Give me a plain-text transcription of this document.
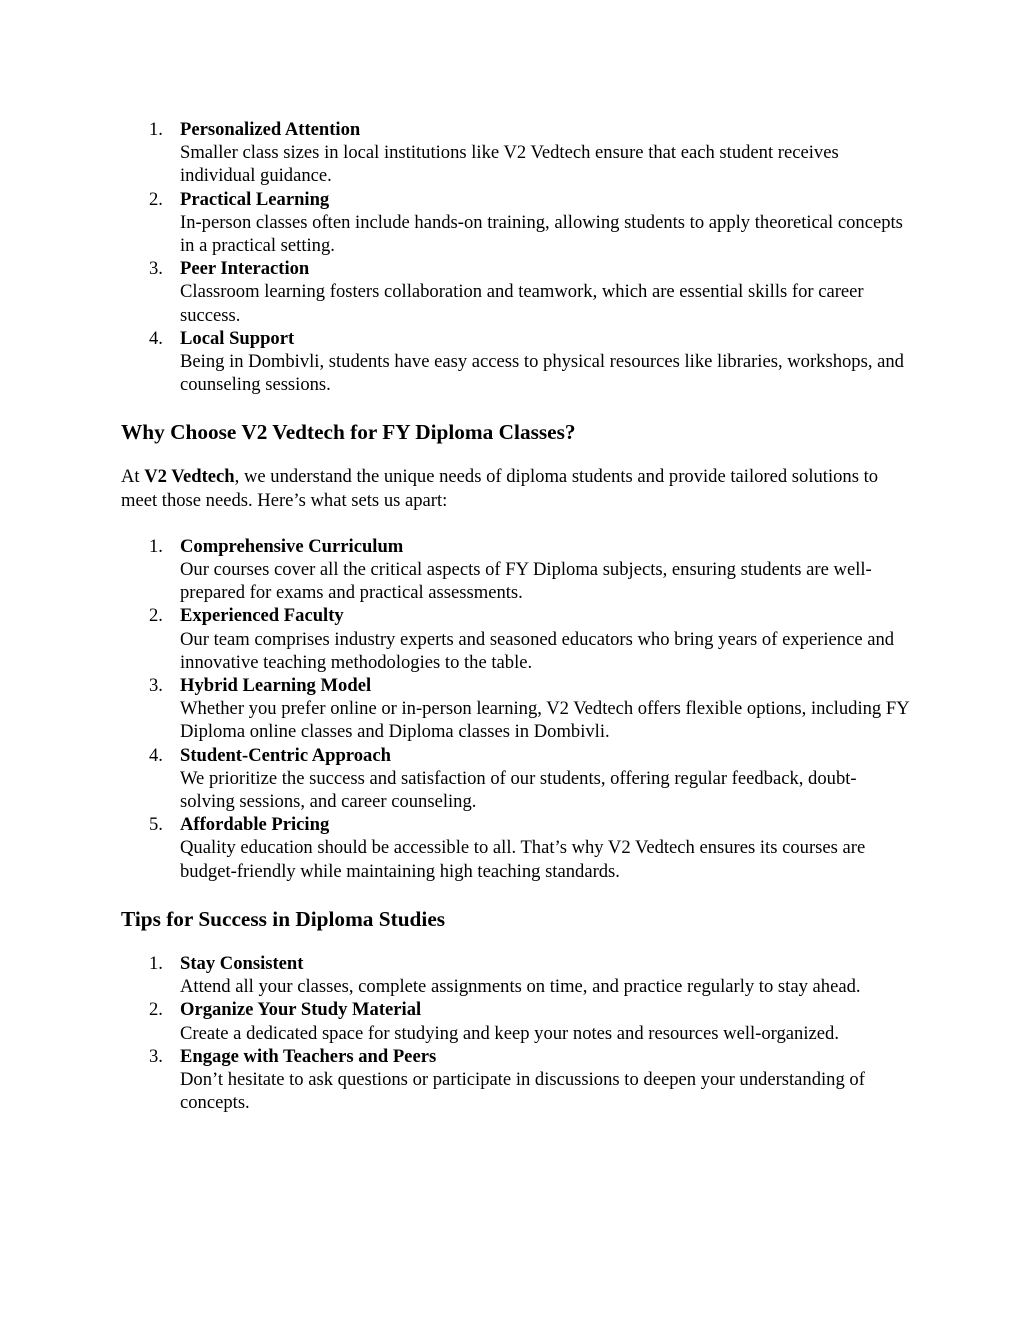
1. Personalized Attention
Smaller class sizes in local institutions like V2 Vedtech ensure that each student receives individual guidance.
2. Practical Learning
In-person classes often include hands-on training, allowing students to apply theoretical concepts in a practical setting.
3. Peer Interaction
Classroom learning fosters collaboration and teamwork, which are essential skills for career success.
4. Local Support
Being in Dombivli, students have easy access to physical resources like libraries, workshops, and counseling sessions.
Why Choose V2 Vedtech for FY Diploma Classes?

At V2 Vedtech, we understand the unique needs of diploma students and provide tailored solutions to meet those needs. Here’s what sets us apart:

1. Comprehensive Curriculum
Our courses cover all the critical aspects of FY Diploma subjects, ensuring students are well-prepared for exams and practical assessments.
2. Experienced Faculty
Our team comprises industry experts and seasoned educators who bring years of experience and innovative teaching methodologies to the table.
3. Hybrid Learning Model
Whether you prefer online or in-person learning, V2 Vedtech offers flexible options, including FY Diploma online classes and Diploma classes in Dombivli.
4. Student-Centric Approach
We prioritize the success and satisfaction of our students, offering regular feedback, doubt-solving sessions, and career counseling.
5. Affordable Pricing
Quality education should be accessible to all. That’s why V2 Vedtech ensures its courses are budget-friendly while maintaining high teaching standards.
Tips for Success in Diploma Studies
1. Stay Consistent
Attend all your classes, complete assignments on time, and practice regularly to stay ahead.
2. Organize Your Study Material
Create a dedicated space for studying and keep your notes and resources well-organized.
3. Engage with Teachers and Peers
Don’t hesitate to ask questions or participate in discussions to deepen your understanding of concepts.
